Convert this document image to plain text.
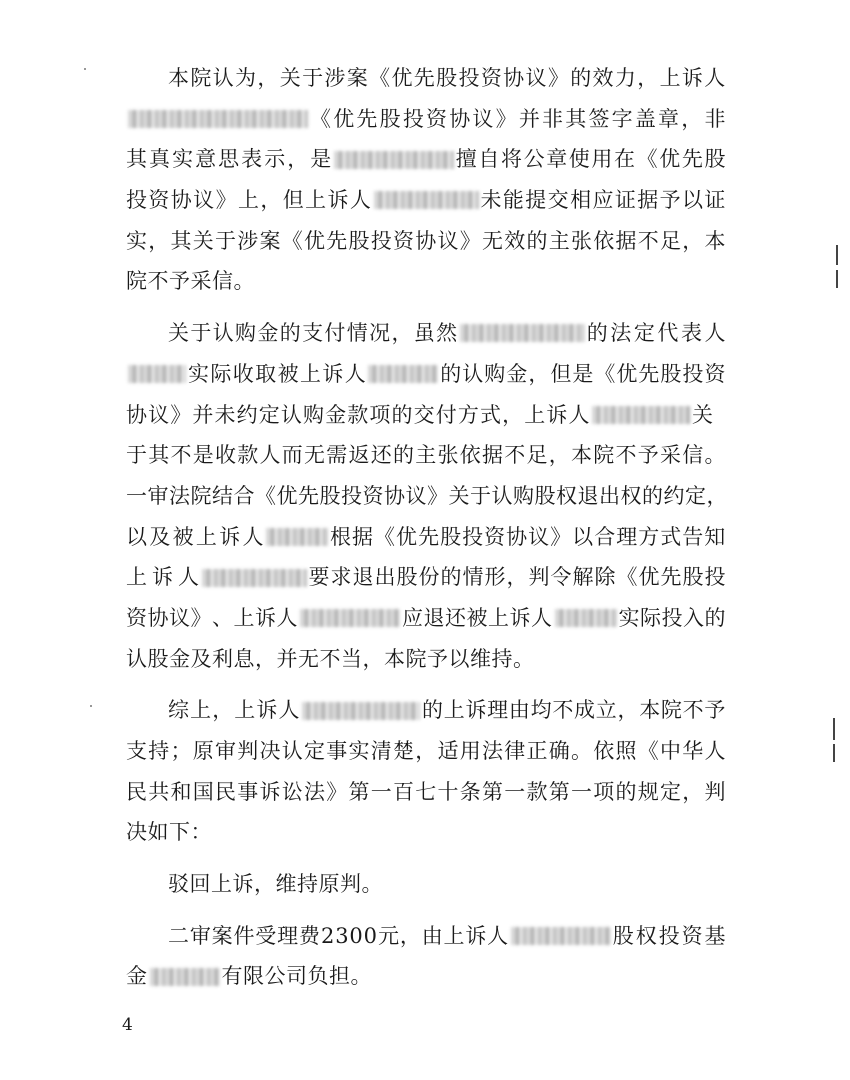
本 院 认 为 ， 关 于 涉 案 《 优 先 股 投 资 协 议 》 的 效 力 ， 上 诉 人
《 优 先 股 投 资 协 议 》 并 非 其 签 字 盖 章 ， 非
其 真 实 意 思 表 示 ， 是	擅 自 将 公 章 使 用 在 《 优 先 股
投 资 协 议 》 上 ， 但 上 诉 人	未 能 提 交 相 应 证 据 予 以 证
实 ， 其 关 于 涉 案 《 优 先 股 投 资 协 议 》 无 效 的 主 张 依 据 不 足 ， 本
院不予采信。
关 于 认 购 金 的 支 付 情 况 ， 虽 然	的 法 定 代 表 人
实 际 收 取 被 上 诉 人	的 认 购 金 ， 但 是 《 优 先 股 投 资
协 议 》 并 未 约 定 认 购 金 款 项 的 交 付 方 式 ， 上 诉 人	关
于 其 不 是 收 款 人 而 无 需 返 还 的 主 张 依 据 不 足 ， 本 院 不 予 采 信 。
一 审 法 院 结 合 《 优 先 股 投 资 协 议 》 关 于 认 购 股 权 退 出 权 的 约 定 ，
以 及 被 上 诉 人	根 据 《 优 先 股 投 资 协 议 》 以 合 理 方 式 告 知
上 诉 人	要 求 退 出 股 份 的 情 形 ， 判 令 解 除 《 优 先 股 投
资 协 议 》 、 上 诉 人	应 退 还 被 上 诉 人	实 际 投 入 的
认股金及利息，并无不当，本院予以维持。
综 上 ， 上 诉 人	的 上 诉 理 由 均 不 成 立 ， 本 院 不 予
支 持 ； 原 审 判 决 认 定 事 实 清 楚 ， 适 用 法 律 正 确 。 依 照 《 中 华 人
民 共 和 国 民 事 诉 讼 法 》 第 一 百 七 十 条 第 一 款 第 一 项 的 规 定 ， 判
决如下：
驳回上诉，维持原判。
二 审 案 件 受 理 费 2 3 0 0 元 ， 由 上 诉 人	股 权 投 资 基
金	有限公司负担。
4
